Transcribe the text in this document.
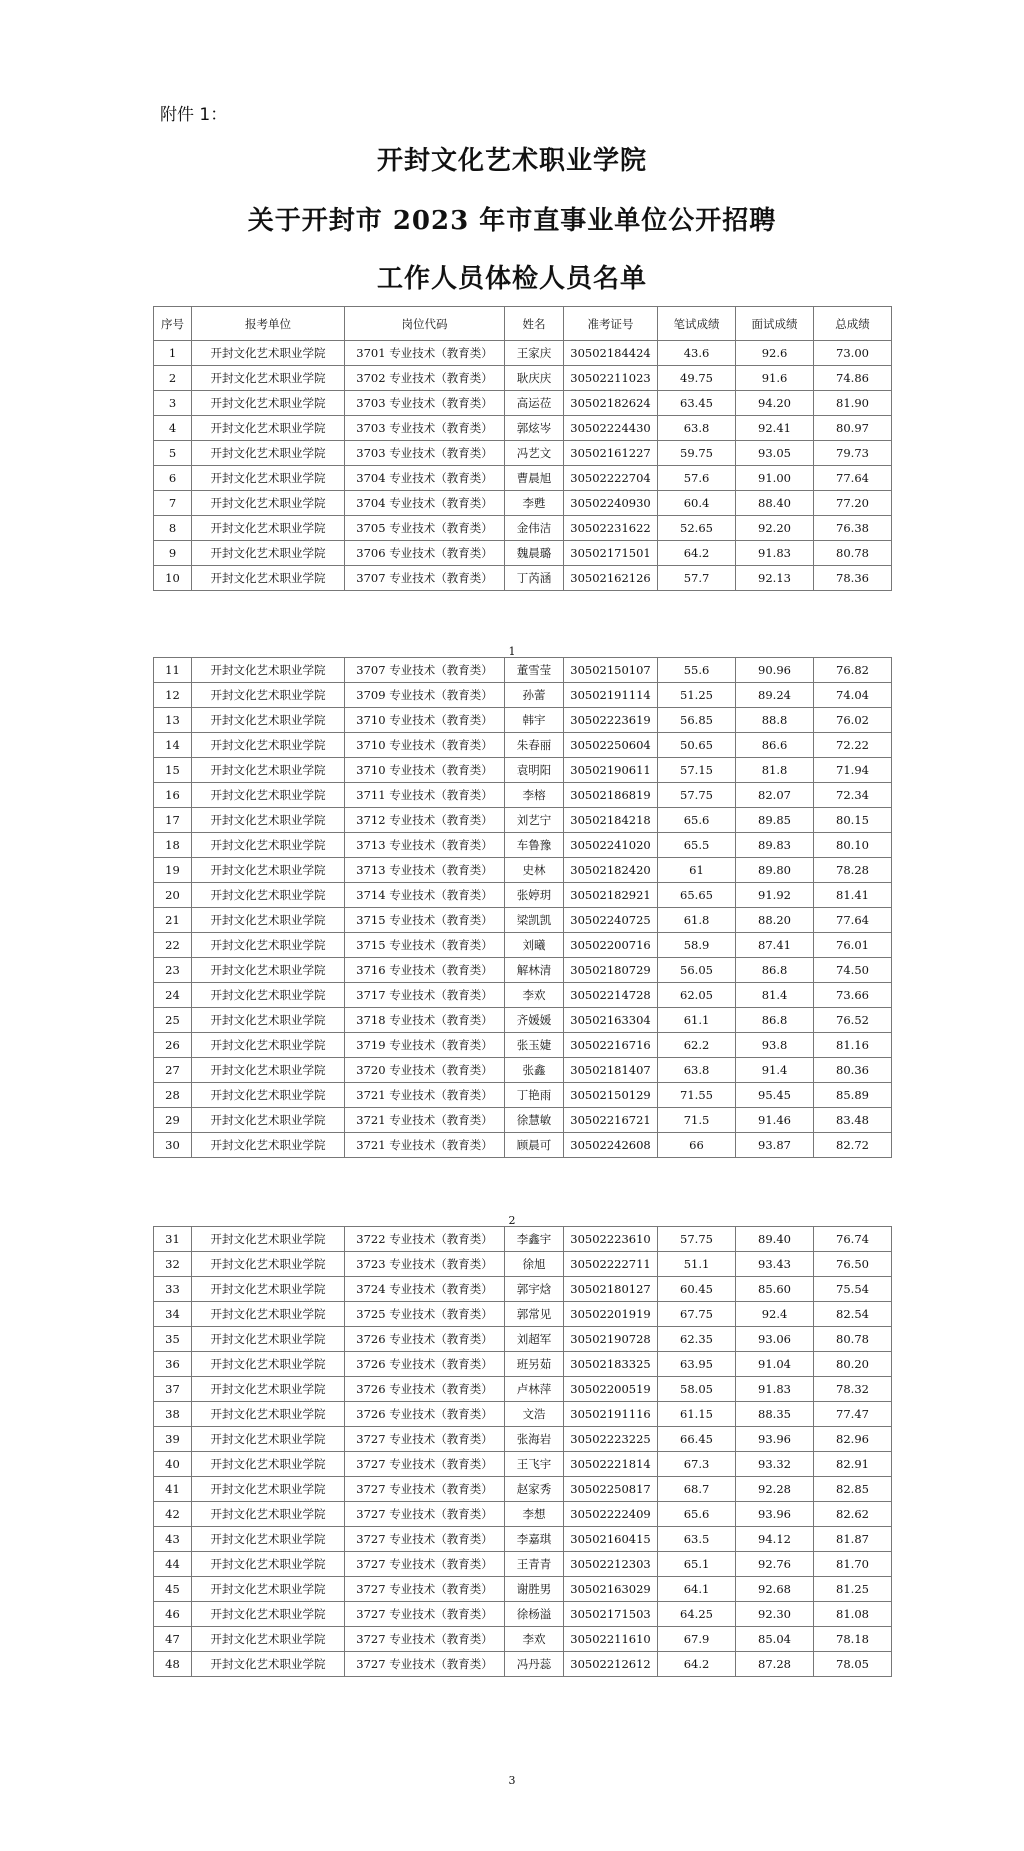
附件 1：
开封文化艺术职业学院
关于开封市 2023 年市直事业单位公开招聘
工作人员体检人员名单
序号	报考单位	岗位代码	姓名	准考证号	笔试成绩	面试成绩	总成绩
1	开封文化艺术职业学院	3701 专业技术（教育类）	王家庆	30502184424	43.6	92.6	73.00
2	开封文化艺术职业学院	3702 专业技术（教育类）	耿庆庆	30502211023	49.75	91.6	74.86
3	开封文化艺术职业学院	3703 专业技术（教育类）	高运莅	30502182624	63.45	94.20	81.90
4	开封文化艺术职业学院	3703 专业技术（教育类）	郭炫岑	30502224430	63.8	92.41	80.97
5	开封文化艺术职业学院	3703 专业技术（教育类）	冯艺文	30502161227	59.75	93.05	79.73
6	开封文化艺术职业学院	3704 专业技术（教育类）	曹晨旭	30502222704	57.6	91.00	77.64
7	开封文化艺术职业学院	3704 专业技术（教育类）	李甦	30502240930	60.4	88.40	77.20
8	开封文化艺术职业学院	3705 专业技术（教育类）	金伟洁	30502231622	52.65	92.20	76.38
9	开封文化艺术职业学院	3706 专业技术（教育类）	魏晨璐	30502171501	64.2	91.83	80.78
10	开封文化艺术职业学院	3707 专业技术（教育类）	丁芮涵	30502162126	57.7	92.13	78.36
1
11	开封文化艺术职业学院	3707 专业技术（教育类）	董雪莹	30502150107	55.6	90.96	76.82
12	开封文化艺术职业学院	3709 专业技术（教育类）	孙蕾	30502191114	51.25	89.24	74.04
13	开封文化艺术职业学院	3710 专业技术（教育类）	韩宇	30502223619	56.85	88.8	76.02
14	开封文化艺术职业学院	3710 专业技术（教育类）	朱春丽	30502250604	50.65	86.6	72.22
15	开封文化艺术职业学院	3710 专业技术（教育类）	袁明阳	30502190611	57.15	81.8	71.94
16	开封文化艺术职业学院	3711 专业技术（教育类）	李榕	30502186819	57.75	82.07	72.34
17	开封文化艺术职业学院	3712 专业技术（教育类）	刘艺宁	30502184218	65.6	89.85	80.15
18	开封文化艺术职业学院	3713 专业技术（教育类）	车鲁豫	30502241020	65.5	89.83	80.10
19	开封文化艺术职业学院	3713 专业技术（教育类）	史林	30502182420	61	89.80	78.28
20	开封文化艺术职业学院	3714 专业技术（教育类）	张婷玥	30502182921	65.65	91.92	81.41
21	开封文化艺术职业学院	3715 专业技术（教育类）	梁凯凯	30502240725	61.8	88.20	77.64
22	开封文化艺术职业学院	3715 专业技术（教育类）	刘曦	30502200716	58.9	87.41	76.01
23	开封文化艺术职业学院	3716 专业技术（教育类）	解林清	30502180729	56.05	86.8	74.50
24	开封文化艺术职业学院	3717 专业技术（教育类）	李欢	30502214728	62.05	81.4	73.66
25	开封文化艺术职业学院	3718 专业技术（教育类）	齐媛媛	30502163304	61.1	86.8	76.52
26	开封文化艺术职业学院	3719 专业技术（教育类）	张玉婕	30502216716	62.2	93.8	81.16
27	开封文化艺术职业学院	3720 专业技术（教育类）	张鑫	30502181407	63.8	91.4	80.36
28	开封文化艺术职业学院	3721 专业技术（教育类）	丁艳雨	30502150129	71.55	95.45	85.89
29	开封文化艺术职业学院	3721 专业技术（教育类）	徐慧敏	30502216721	71.5	91.46	83.48
30	开封文化艺术职业学院	3721 专业技术（教育类）	顾晨可	30502242608	66	93.87	82.72
2
31	开封文化艺术职业学院	3722 专业技术（教育类）	李鑫宇	30502223610	57.75	89.40	76.74
32	开封文化艺术职业学院	3723 专业技术（教育类）	徐旭	30502222711	51.1	93.43	76.50
33	开封文化艺术职业学院	3724 专业技术（教育类）	郭宇焓	30502180127	60.45	85.60	75.54
34	开封文化艺术职业学院	3725 专业技术（教育类）	郭常见	30502201919	67.75	92.4	82.54
35	开封文化艺术职业学院	3726 专业技术（教育类）	刘超军	30502190728	62.35	93.06	80.78
36	开封文化艺术职业学院	3726 专业技术（教育类）	班另茹	30502183325	63.95	91.04	80.20
37	开封文化艺术职业学院	3726 专业技术（教育类）	卢林萍	30502200519	58.05	91.83	78.32
38	开封文化艺术职业学院	3726 专业技术（教育类）	文浩	30502191116	61.15	88.35	77.47
39	开封文化艺术职业学院	3727 专业技术（教育类）	张海岩	30502223225	66.45	93.96	82.96
40	开封文化艺术职业学院	3727 专业技术（教育类）	王飞宇	30502221814	67.3	93.32	82.91
41	开封文化艺术职业学院	3727 专业技术（教育类）	赵家秀	30502250817	68.7	92.28	82.85
42	开封文化艺术职业学院	3727 专业技术（教育类）	李想	30502222409	65.6	93.96	82.62
43	开封文化艺术职业学院	3727 专业技术（教育类）	李嘉琪	30502160415	63.5	94.12	81.87
44	开封文化艺术职业学院	3727 专业技术（教育类）	王青青	30502212303	65.1	92.76	81.70
45	开封文化艺术职业学院	3727 专业技术（教育类）	谢胜男	30502163029	64.1	92.68	81.25
46	开封文化艺术职业学院	3727 专业技术（教育类）	徐杨溢	30502171503	64.25	92.30	81.08
47	开封文化艺术职业学院	3727 专业技术（教育类）	李欢	30502211610	67.9	85.04	78.18
48	开封文化艺术职业学院	3727 专业技术（教育类）	冯丹蕊	30502212612	64.2	87.28	78.05
3
